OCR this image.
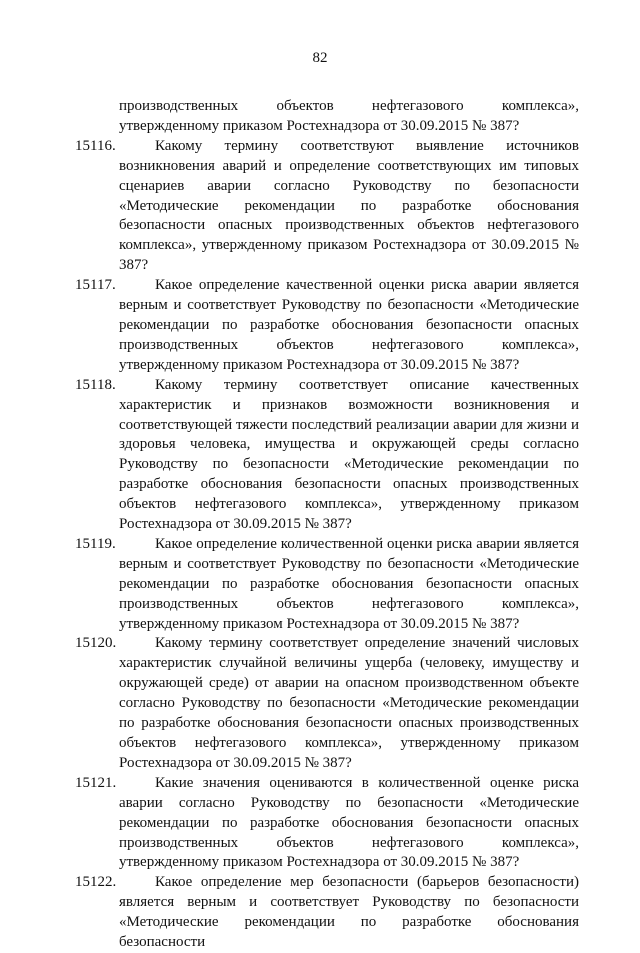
82

производственных объектов нефтегазового комплекса», утвержденному приказом Ростехнадзора от 30.09.2015 № 387?

15116.	Какому термину соответствуют выявление источников возникновения аварий и определение соответствующих им типовых сценариев аварии согласно Руководству по безопасности «Методические рекомендации по разработке обоснования безопасности опасных производственных объектов нефтегазового комплекса», утвержденному приказом Ростехнадзора от 30.09.2015 № 387?

15117.	Какое определение качественной оценки риска аварии является верным и соответствует Руководству по безопасности «Методические рекомендации по разработке обоснования безопасности опасных производственных объектов нефтегазового комплекса», утвержденному приказом Ростехнадзора от 30.09.2015 № 387?

15118.	Какому термину соответствует описание качественных характеристик и признаков возможности возникновения и соответствующей тяжести последствий реализации аварии для жизни и здоровья человека, имущества и окружающей среды согласно Руководству по безопасности «Методические рекомендации по разработке обоснования безопасности опасных производственных объектов нефтегазового комплекса», утвержденному приказом Ростехнадзора от 30.09.2015 № 387?

15119.	Какое определение количественной оценки риска аварии является верным и соответствует Руководству по безопасности «Методические рекомендации по разработке обоснования безопасности опасных производственных объектов нефтегазового комплекса», утвержденному приказом Ростехнадзора от 30.09.2015 № 387?

15120.	Какому термину соответствует определение значений числовых характеристик случайной величины ущерба (человеку, имуществу и окружающей среде) от аварии на опасном производственном объекте согласно Руководству по безопасности «Методические рекомендации по разработке обоснования безопасности опасных производственных объектов нефтегазового комплекса», утвержденному приказом Ростехнадзора от 30.09.2015 № 387?

15121.	Какие значения оцениваются в количественной оценке риска аварии согласно Руководству по безопасности «Методические рекомендации по разработке обоснования безопасности опасных производственных объектов нефтегазового комплекса», утвержденному приказом Ростехнадзора от 30.09.2015 № 387?

15122.	Какое определение мер безопасности (барьеров безопасности) является верным и соответствует Руководству по безопасности «Методические рекомендации по разработке обоснования безопасности
